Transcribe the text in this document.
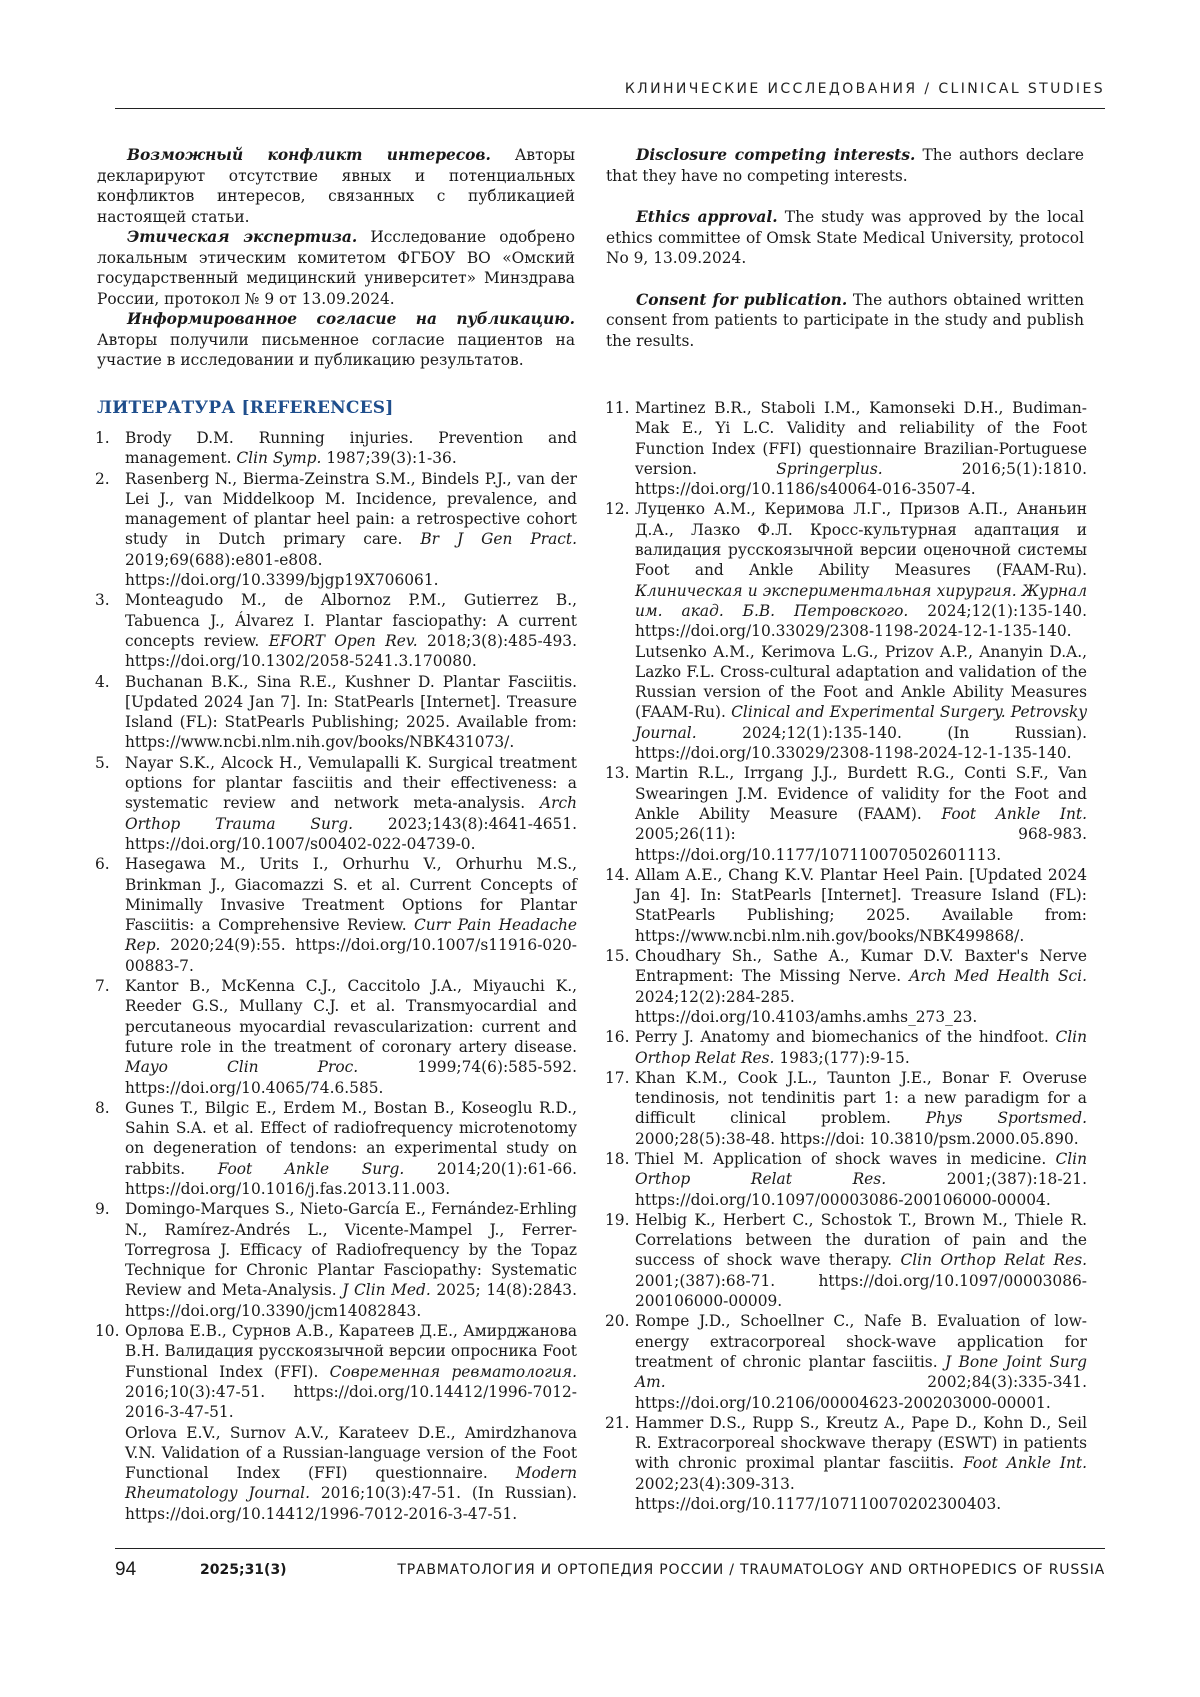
КЛИНИЧЕСКИЕ ИССЛЕДОВАНИЯ / CLINICAL STUDIES

Возможный конфликт интересов. Авторы декларируют отсутствие явных и потенциальных конфликтов интересов, связанных с публикацией настоящей статьи.

Этическая экспертиза. Исследование одобрено локальным этическим комитетом ФГБОУ ВО «Омский государственный медицинский университет» Минздрава России, протокол № 9 от 13.09.2024.

Информированное согласие на публикацию. Авторы получили письменное согласие пациентов на участие в исследовании и публикацию результатов.

Disclosure competing interests. The authors declare that they have no competing interests.

Ethics approval. The study was approved by the local ethics committee of Omsk State Medical University, protocol No 9, 13.09.2024.

Consent for publication. The authors obtained written consent from patients to participate in the study and publish the results.

ЛИТЕРАТУРА [REFERENCES]
1. Brody D.M. Running injuries. Prevention and management. Clin Symp. 1987;39(3):1-36.
2. Rasenberg N., Bierma-Zeinstra S.M., Bindels P.J., van der Lei J., van Middelkoop M. Incidence, prevalence, and management of plantar heel pain: a retrospective cohort study in Dutch primary care. Br J Gen Pract. 2019;69(688):e801-e808. https://doi.org/10.3399/bjgp19X706061.
3. Monteagudo M., de Albornoz P.M., Gutierrez B., Tabuenca J., Álvarez I. Plantar fasciopathy: A current concepts review. EFORT Open Rev. 2018;3(8):485-493. https://doi.org/10.1302/2058-5241.3.170080.
4. Buchanan B.K., Sina R.E., Kushner D. Plantar Fasciitis. [Updated 2024 Jan 7]. In: StatPearls [Internet]. Treasure Island (FL): StatPearls Publishing; 2025. Available from: https://www.ncbi.nlm.nih.gov/books/NBK431073/.
5. Nayar S.K., Alcock H., Vemulapalli K. Surgical treatment options for plantar fasciitis and their effectiveness: a systematic review and network meta-analysis. Arch Orthop Trauma Surg. 2023;143(8):4641-4651. https://doi.org/10.1007/s00402-022-04739-0.
6. Hasegawa M., Urits I., Orhurhu V., Orhurhu M.S., Brinkman J., Giacomazzi S. et al. Current Concepts of Minimally Invasive Treatment Options for Plantar Fasciitis: a Comprehensive Review. Curr Pain Headache Rep. 2020;24(9):55. https://doi.org/10.1007/s11916-020-00883-7.
7. Kantor B., McKenna C.J., Caccitolo J.A., Miyauchi K., Reeder G.S., Mullany C.J. et al. Transmyocardial and percutaneous myocardial revascularization: current and future role in the treatment of coronary artery disease. Mayo Clin Proc. 1999;74(6):585-592. https://doi.org/10.4065/74.6.585.
8. Gunes T., Bilgic E., Erdem M., Bostan B., Koseoglu R.D., Sahin S.A. et al. Effect of radiofrequency microtenotomy on degeneration of tendons: an experimental study on rabbits. Foot Ankle Surg. 2014;20(1):61-66. https://doi.org/10.1016/j.fas.2013.11.003.
9. Domingo-Marques S., Nieto-García E., Fernández-Erhling N., Ramírez-Andrés L., Vicente-Mampel J., Ferrer-Torregrosa J. Efficacy of Radiofrequency by the Topaz Technique for Chronic Plantar Fasciopathy: Systematic Review and Meta-Analysis. J Clin Med. 2025; 14(8):2843. https://doi.org/10.3390/jcm14082843.
10. Орлова Е.В., Сурнов А.В., Каратеев Д.Е., Амирджанова В.Н. Валидация русскоязычной версии опросника Foot Funstional Index (FFI). Современная ревматология. 2016;10(3):47-51. https://doi.org/10.14412/1996-7012-2016-3-47-51.
Orlova E.V., Surnov A.V., Karateev D.E., Amirdzhanova V.N. Validation of a Russian-language version of the Foot Functional Index (FFI) questionnaire. Modern Rheumatology Journal. 2016;10(3):47-51. (In Russian). https://doi.org/10.14412/1996-7012-2016-3-47-51.
11. Martinez B.R., Staboli I.M., Kamonseki D.H., Budiman-Mak E., Yi L.C. Validity and reliability of the Foot Function Index (FFI) questionnaire Brazilian-Portuguese version. Springerplus. 2016;5(1):1810. https://doi.org/10.1186/s40064-016-3507-4.
12. Луценко А.М., Керимова Л.Г., Призов А.П., Ананьин Д.А., Лазко Ф.Л. Кросс-культурная адаптация и валидация русскоязычной версии оценочной системы Foot and Ankle Ability Measures (FAAM-Ru). Клиническая и экспериментальная хирургия. Журнал им. акад. Б.В. Петровского. 2024;12(1):135-140. https://doi.org/10.33029/2308-1198-2024-12-1-135-140.
Lutsenko A.M., Kerimova L.G., Prizov A.P., Ananyin D.A., Lazko F.L. Cross-cultural adaptation and validation of the Russian version of the Foot and Ankle Ability Measures (FAAM-Ru). Clinical and Experimental Surgery. Petrovsky Journal. 2024;12(1):135-140. (In Russian). https://doi.org/10.33029/2308-1198-2024-12-1-135-140.
13. Martin R.L., Irrgang J.J., Burdett R.G., Conti S.F., Van Swearingen J.M. Evidence of validity for the Foot and Ankle Ability Measure (FAAM). Foot Ankle Int. 2005;26(11): 968-983. https://doi.org/10.1177/107110070502601113.
14. Allam A.E., Chang K.V. Plantar Heel Pain. [Updated 2024 Jan 4]. In: StatPearls [Internet]. Treasure Island (FL): StatPearls Publishing; 2025. Available from: https://www.ncbi.nlm.nih.gov/books/NBK499868/.
15. Choudhary Sh., Sathe A., Kumar D.V. Baxter's Nerve Entrapment: The Missing Nerve. Arch Med Health Sci. 2024;12(2):284-285. https://doi.org/10.4103/amhs.amhs_273_23.
16. Perry J. Anatomy and biomechanics of the hindfoot. Clin Orthop Relat Res. 1983;(177):9-15.
17. Khan K.M., Cook J.L., Taunton J.E., Bonar F. Overuse tendinosis, not tendinitis part 1: a new paradigm for a difficult clinical problem. Phys Sportsmed. 2000;28(5):38-48. https://doi: 10.3810/psm.2000.05.890.
18. Thiel M. Application of shock waves in medicine. Clin Orthop Relat Res. 2001;(387):18-21. https://doi.org/10.1097/00003086-200106000-00004.
19. Helbig K., Herbert C., Schostok T., Brown M., Thiele R. Correlations between the duration of pain and the success of shock wave therapy. Clin Orthop Relat Res. 2001;(387):68-71. https://doi.org/10.1097/00003086-200106000-00009.
20. Rompe J.D., Schoellner C., Nafe B. Evaluation of low-energy extracorporeal shock-wave application for treatment of chronic plantar fasciitis. J Bone Joint Surg Am. 2002;84(3):335-341. https://doi.org/10.2106/00004623-200203000-00001.
21. Hammer D.S., Rupp S., Kreutz A., Pape D., Kohn D., Seil R. Extracorporeal shockwave therapy (ESWT) in patients with chronic proximal plantar fasciitis. Foot Ankle Int. 2002;23(4):309-313. https://doi.org/10.1177/107110070202300403.
94	2025;31(3)	ТРАВМАТОЛОГИЯ И ОРТОПЕДИЯ РОССИИ / TRAUMATOLOGY AND ORTHOPEDICS OF RUSSIA
